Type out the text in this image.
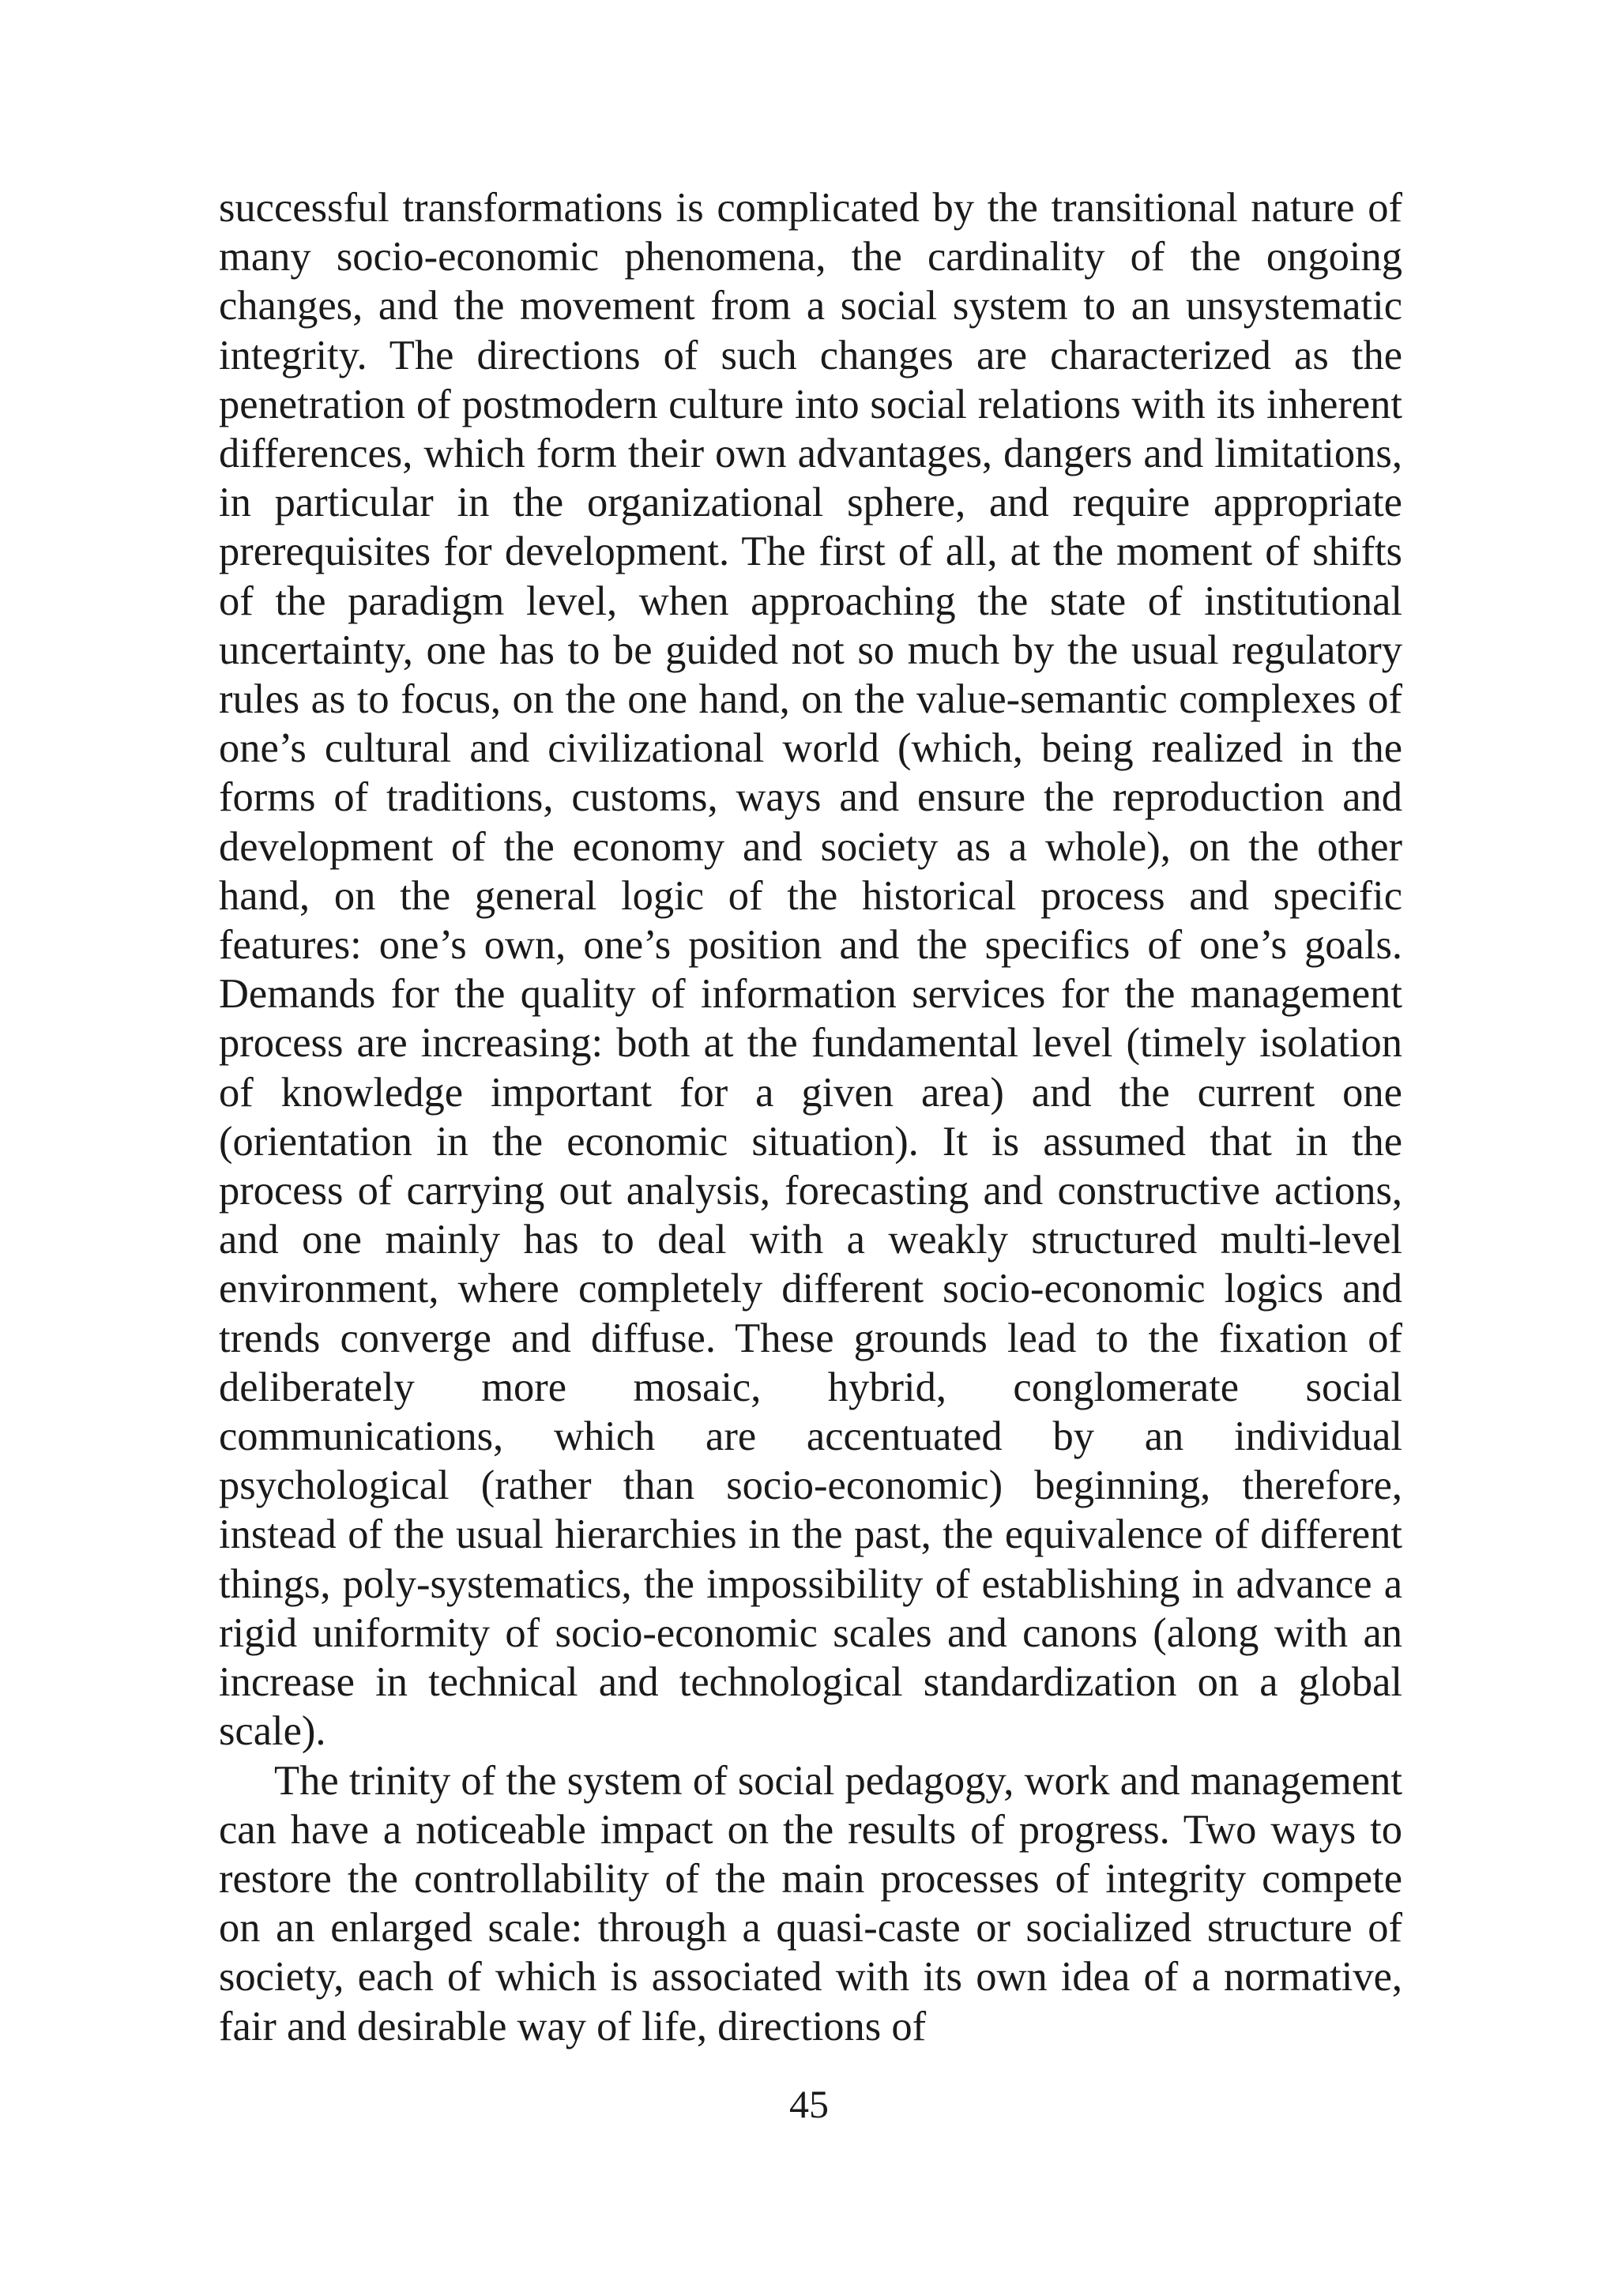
successful transformations is complicated by the transitional nature of many socio-economic phenomena, the cardinality of the ongoing changes, and the movement from a social system to an unsystematic integrity. The directions of such changes are characterized as the penetration of postmodern culture into social relations with its inherent differences, which form their own advantages, dangers and limitations, in particular in the organizational sphere, and require appropriate prerequisites for development. The first of all, at the moment of shifts of the paradigm level, when approaching the state of institutional uncertainty, one has to be guided not so much by the usual regulatory rules as to focus, on the one hand, on the value-semantic complexes of one’s cultural and civilizational world (which, being realized in the forms of traditions, customs, ways and ensure the reproduction and development of the economy and society as a whole), on the other hand, on the general logic of the historical process and specific features: one’s own, one’s position and the specifics of one’s goals. Demands for the quality of information services for the management process are increasing: both at the fundamental level (timely isolation of knowledge important for a given area) and the current one (orientation in the economic situation). It is assumed that in the process of carrying out analysis, forecasting and constructive actions, and one mainly has to deal with a weakly structured multi-level environment, where completely different socio-economic logics and trends converge and diffuse. These grounds lead to the fixation of deliberately more mosaic, hybrid, conglomerate social communications, which are accentuated by an individual psychological (rather than socio-economic) beginning, therefore, instead of the usual hierarchies in the past, the equivalence of different things, poly-systematics, the impossibility of establishing in advance a rigid uniformity of socio-economic scales and canons (along with an increase in technical and technological standardization on a global scale).

The trinity of the system of social pedagogy, work and management can have a noticeable impact on the results of progress. Two ways to restore the controllability of the main processes of integrity compete on an enlarged scale: through a quasi-caste or socialized structure of society, each of which is associated with its own idea of a normative, fair and desirable way of life, directions of

45
